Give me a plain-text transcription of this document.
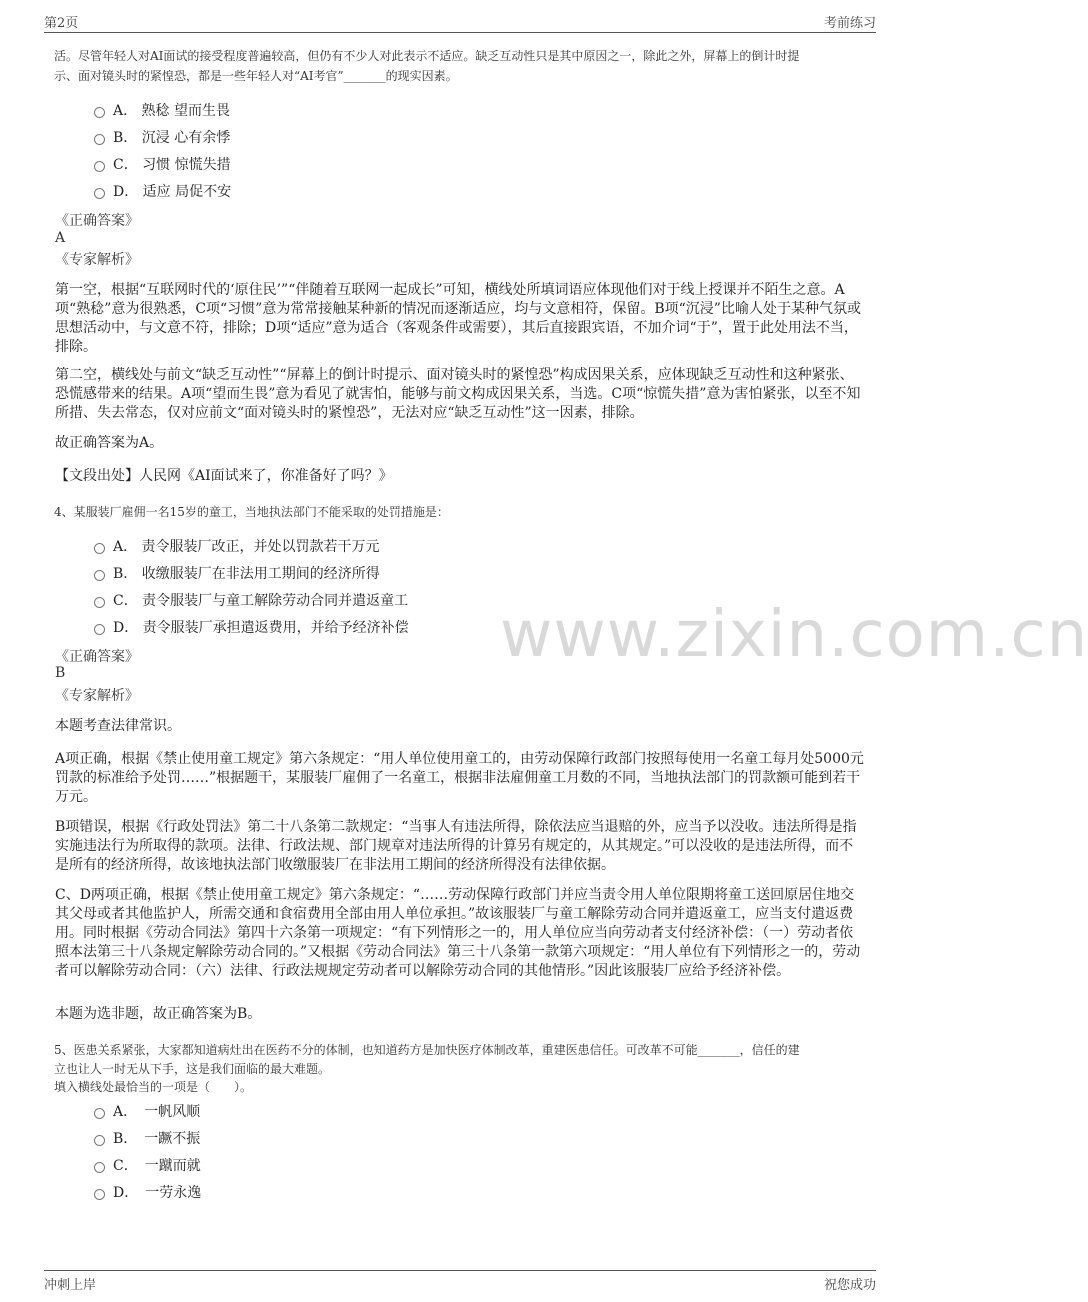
第2页	考前练习
www.zixin.com.cn
活。尽管年轻人对AI面试的接受程度普遍较高，但仍有不少人对此表示不适应。缺乏互动性只是其中原因之一，除此之外，屏幕上的倒计时提
示、面对镜头时的紧惶恐，都是一些年轻人对“AI考官”_______的现实因素。
A． 熟稔 望而生畏
B． 沉浸 心有余悸
C． 习惯 惊慌失措
D． 适应 局促不安
《正确答案》
A
《专家解析》
第一空，根据“互联网时代的‘原住民’”“伴随着互联网一起成长”可知，横线处所填词语应体现他们对于线上授课并不陌生之意。A项“熟稔”意为很熟悉，C项“习惯”意为常常接触某种新的情况而逐渐适应，均与文意相符，保留。B项“沉浸”比喻人处于某种气氛或思想活动中，与文意不符，排除；D项“适应”意为适合（客观条件或需要），其后直接跟宾语，不加介词“于”，置于此处用法不当，排除。
第二空，横线处与前文“缺乏互动性”“屏幕上的倒计时提示、面对镜头时的紧惶恐”构成因果关系，应体现缺乏互动性和这种紧张、恐慌感带来的结果。A项“望而生畏”意为看见了就害怕，能够与前文构成因果关系，当选。C项“惊慌失措”意为害怕紧张，以至不知所措、失去常态，仅对应前文“面对镜头时的紧惶恐”，无法对应“缺乏互动性”这一因素，排除。
故正确答案为A。
【文段出处】人民网《AI面试来了，你准备好了吗？》
4、某服装厂雇佣一名15岁的童工，当地执法部门不能采取的处罚措施是：
A． 责令服装厂改正，并处以罚款若干万元
B． 收缴服装厂在非法用工期间的经济所得
C． 责令服装厂与童工解除劳动合同并遣返童工
D． 责令服装厂承担遣返费用，并给予经济补偿
《正确答案》
B
《专家解析》
本题考查法律常识。
A项正确，根据《禁止使用童工规定》第六条规定：“用人单位使用童工的，由劳动保障行政部门按照每使用一名童工每月处5000元罚款的标准给予处罚……”根据题干，某服装厂雇佣了一名童工，根据非法雇佣童工月数的不同，当地执法部门的罚款额可能到若干万元。
B项错误，根据《行政处罚法》第二十八条第二款规定：“当事人有违法所得，除依法应当退赔的外，应当予以没收。违法所得是指实施违法行为所取得的款项。法律、行政法规、部门规章对违法所得的计算另有规定的，从其规定。”可以没收的是违法所得，而不是所有的经济所得，故该地执法部门收缴服装厂在非法用工期间的经济所得没有法律依据。
C、D两项正确，根据《禁止使用童工规定》第六条规定：“……劳动保障行政部门并应当责令用人单位限期将童工送回原居住地交其父母或者其他监护人，所需交通和食宿费用全部由用人单位承担。”故该服装厂与童工解除劳动合同并遣返童工，应当支付遣返费用。同时根据《劳动合同法》第四十六条第一项规定：“有下列情形之一的，用人单位应当向劳动者支付经济补偿：（一）劳动者依照本法第三十八条规定解除劳动合同的。”又根据《劳动合同法》第三十八条第一款第六项规定：“用人单位有下列情形之一的，劳动者可以解除劳动合同：（六）法律、行政法规规定劳动者可以解除劳动合同的其他情形。”因此该服装厂应给予经济补偿。
本题为选非题，故正确答案为B。
5、医患关系紧张，大家都知道病灶出在医药不分的体制，也知道药方是加快医疗体制改革，重建医患信任。可改革不可能_______，信任的建
立也让人一时无从下手，这是我们面临的最大难题。
填入横线处最恰当的一项是（　　）。
A．　一帆风顺
B．　一蹶不振
C．　一蹴而就
D．　一劳永逸
冲刺上岸	祝您成功
